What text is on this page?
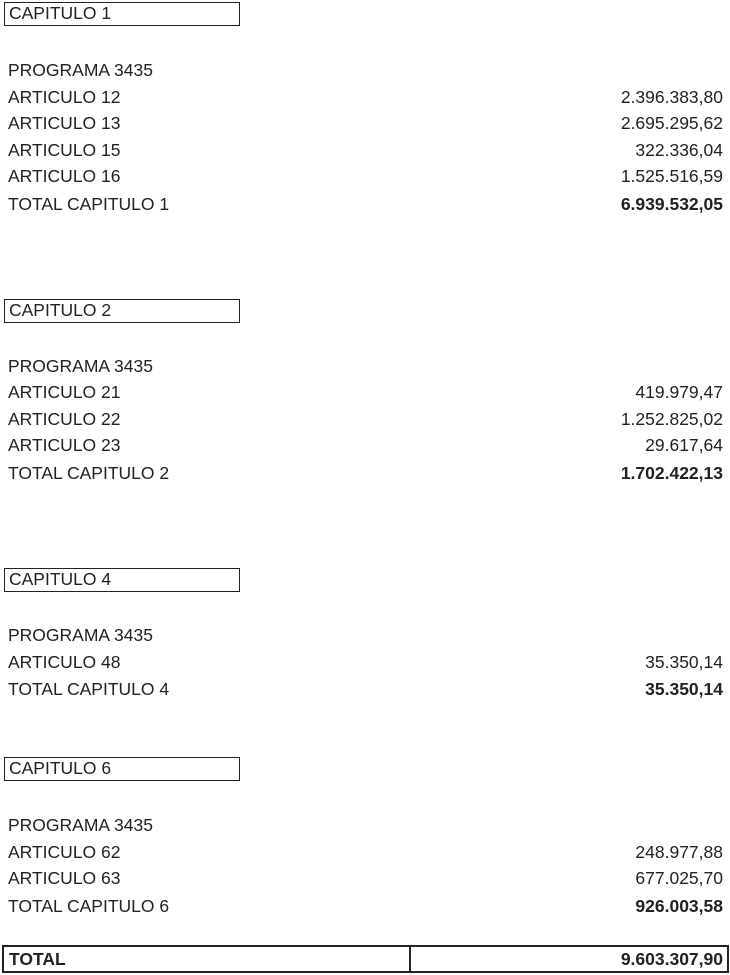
CAPITULO 1
PROGRAMA 3435
ARTICULO 12	2.396.383,80
ARTICULO 13	2.695.295,62
ARTICULO 15	322.336,04
ARTICULO 16	1.525.516,59
TOTAL CAPITULO 1	6.939.532,05
CAPITULO 2
PROGRAMA 3435
ARTICULO 21	419.979,47
ARTICULO 22	1.252.825,02
ARTICULO 23	29.617,64
TOTAL CAPITULO 2	1.702.422,13
CAPITULO 4
PROGRAMA 3435
ARTICULO 48	35.350,14
TOTAL CAPITULO 4	35.350,14
CAPITULO 6
PROGRAMA 3435
ARTICULO 62	248.977,88
ARTICULO 63	677.025,70
TOTAL CAPITULO 6	926.003,58
TOTAL	9.603.307,90
